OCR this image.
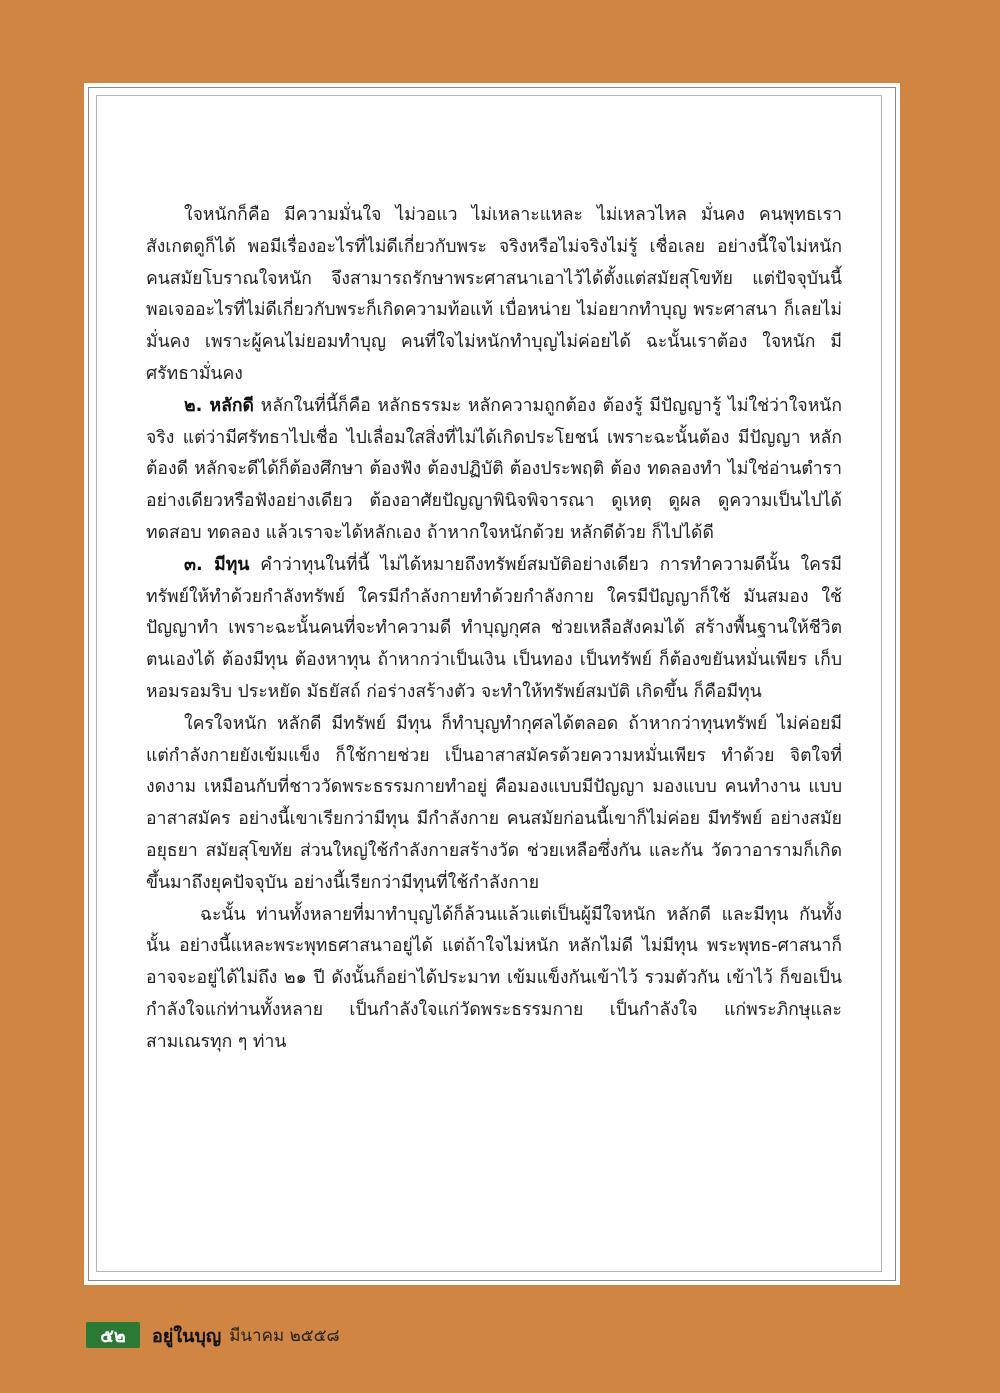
ใจหนักก็คือ มีความมั่นใจ ไม่วอแว ไม่เหลาะแหละ ไม่เหลวไหล มั่นคง คนพุทธเรา สังเกตดูก็ได้ พอมีเรื่องอะไรที่ไม่ดีเกี่ยวกับพระ จริงหรือไม่จริงไม่รู้ เชื่อเลย อย่างนี้ใจไม่หนัก คนสมัยโบราณใจหนัก จึงสามารถรักษาพระศาสนาเอาไว้ได้ตั้งแต่สมัยสุโขทัย แต่ปัจจุบันนี้ พอเจออะไรที่ไม่ดีเกี่ยวกับพระก็เกิดความท้อแท้ เบื่อหน่าย ไม่อยากทำบุญ พระศาสนา ก็เลยไม่มั่นคง เพราะผู้คนไม่ยอมทำบุญ คนที่ใจไม่หนักทำบุญไม่ค่อยได้ ฉะนั้นเราต้อง ใจหนัก มีศรัทธามั่นคง

๒. หลักดี หลักในที่นี้ก็คือ หลักธรรมะ หลักความถูกต้อง ต้องรู้ มีปัญญารู้ ไม่ใช่ว่าใจหนักจริง แต่ว่ามีศรัทธาไปเชื่อ ไปเลื่อมใสสิ่งที่ไม่ได้เกิดประโยชน์ เพราะฉะนั้นต้อง มีปัญญา หลักต้องดี หลักจะดีได้ก็ต้องศึกษา ต้องฟัง ต้องปฏิบัติ ต้องประพฤติ ต้อง ทดลองทำ ไม่ใช่อ่านตำราอย่างเดียวหรือฟังอย่างเดียว ต้องอาศัยปัญญาพินิจพิจารณา ดูเหตุ ดูผล ดูความเป็นไปได้ ทดสอบ ทดลอง แล้วเราจะได้หลักเอง ถ้าหากใจหนักด้วย หลักดีด้วย ก็ไปได้ดี

๓. มีทุน คำว่าทุนในที่นี้ ไม่ได้หมายถึงทรัพย์สมบัติอย่างเดียว การทำความดีนั้น ใครมีทรัพย์ให้ทำด้วยกำลังทรัพย์ ใครมีกำลังกายทำด้วยกำลังกาย ใครมีปัญญาก็ใช้ มันสมอง ใช้ปัญญาทำ เพราะฉะนั้นคนที่จะทำความดี ทำบุญกุศล ช่วยเหลือสังคมได้ สร้างพื้นฐานให้ชีวิตตนเองได้ ต้องมีทุน ต้องหาทุน ถ้าหากว่าเป็นเงิน เป็นทอง เป็นทรัพย์ ก็ต้องขยันหมั่นเพียร เก็บหอมรอมริบ ประหยัด มัธยัสถ์ ก่อร่างสร้างตัว จะทำให้ทรัพย์สมบัติ เกิดขึ้น ก็คือมีทุน

ใครใจหนัก หลักดี มีทรัพย์ มีทุน ก็ทำบุญทำกุศลได้ตลอด ถ้าหากว่าทุนทรัพย์ ไม่ค่อยมี แต่กำลังกายยังเข้มแข็ง ก็ใช้กายช่วย เป็นอาสาสมัครด้วยความหมั่นเพียร ทำด้วย จิตใจที่งดงาม เหมือนกับที่ชาววัดพระธรรมกายทำอยู่ คือมองแบบมีปัญญา มองแบบ คนทำงาน แบบอาสาสมัคร อย่างนี้เขาเรียกว่ามีทุน มีกำลังกาย คนสมัยก่อนนี้เขาก็ไม่ค่อย มีทรัพย์ อย่างสมัยอยุธยา สมัยสุโขทัย ส่วนใหญ่ใช้กำลังกายสร้างวัด ช่วยเหลือซึ่งกัน และกัน วัดวาอารามก็เกิดขึ้นมาถึงยุคปัจจุบัน อย่างนี้เรียกว่ามีทุนที่ใช้กำลังกาย

ฉะนั้น ท่านทั้งหลายที่มาทำบุญได้ก็ล้วนแล้วแต่เป็นผู้มีใจหนัก หลักดี และมีทุน กันทั้งนั้น อย่างนี้แหละพระพุทธศาสนาอยู่ได้ แต่ถ้าใจไม่หนัก หลักไม่ดี ไม่มีทุน พระพุทธ-ศาสนาก็อาจจะอยู่ได้ไม่ถึง ๒๑ ปี ดังนั้นก็อย่าได้ประมาท เข้มแข็งกันเข้าไว้ รวมตัวกัน เข้าไว้ ก็ขอเป็นกำลังใจแก่ท่านทั้งหลาย เป็นกำลังใจแก่วัดพระธรรมกาย เป็นกำลังใจ แก่พระภิกษุและสามเณรทุก ๆ ท่าน

๕๒	อยู่ในบุญ มีนาคม ๒๕๕๘
